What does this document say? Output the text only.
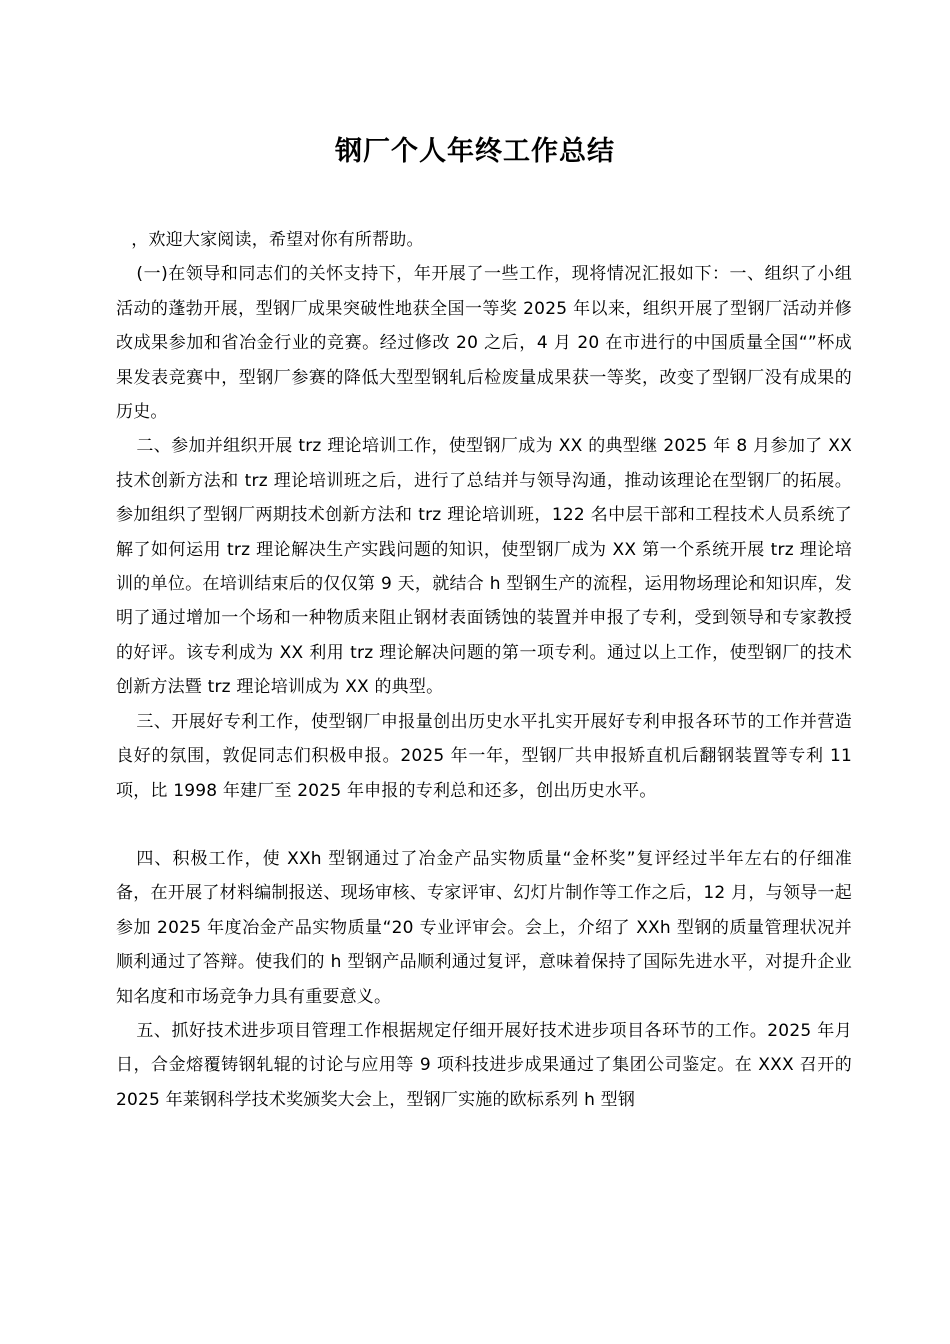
钢厂个人年终工作总结

，欢迎大家阅读，希望对你有所帮助。

(一)在领导和同志们的关怀支持下，年开展了一些工作，现将情况汇报如下：一、组织了小组活动的蓬勃开展，型钢厂成果突破性地获全国一等奖 2025 年以来，组织开展了型钢厂活动并修改成果参加和省冶金行业的竞赛。经过修改 20 之后，4 月 20 在市进行的中国质量全国“”杯成果发表竞赛中，型钢厂参赛的降低大型型钢轧后检废量成果获一等奖，改变了型钢厂没有成果的历史。

二、参加并组织开展 trz 理论培训工作，使型钢厂成为 XX 的典型继 2025 年 8 月参加了 XX 技术创新方法和 trz 理论培训班之后，进行了总结并与领导沟通，推动该理论在型钢厂的拓展。参加组织了型钢厂两期技术创新方法和 trz 理论培训班，122 名中层干部和工程技术人员系统了解了如何运用 trz 理论解决生产实践问题的知识，使型钢厂成为 XX 第一个系统开展 trz 理论培训的单位。在培训结束后的仅仅第 9 天，就结合 h 型钢生产的流程，运用物场理论和知识库，发明了通过增加一个场和一种物质来阻止钢材表面锈蚀的装置并申报了专利，受到领导和专家教授的好评。该专利成为 XX 利用 trz 理论解决问题的第一项专利。通过以上工作，使型钢厂的技术创新方法暨 trz 理论培训成为 XX 的典型。

三、开展好专利工作，使型钢厂申报量创出历史水平扎实开展好专利申报各环节的工作并营造良好的氛围，敦促同志们积极申报。2025 年一年，型钢厂共申报矫直机后翻钢装置等专利 11 项，比 1998 年建厂至 2025 年申报的专利总和还多，创出历史水平。

四、积极工作，使 XXh 型钢通过了冶金产品实物质量“金杯奖”复评经过半年左右的仔细准备，在开展了材料编制报送、现场审核、专家评审、幻灯片制作等工作之后，12 月，与领导一起参加 2025 年度冶金产品实物质量“20 专业评审会。会上，介绍了 XXh 型钢的质量管理状况并顺利通过了答辩。使我们的 h 型钢产品顺利通过复评，意味着保持了国际先进水平，对提升企业知名度和市场竞争力具有重要意义。

五、抓好技术进步项目管理工作根据规定仔细开展好技术进步项目各环节的工作。2025 年月日，合金熔覆铸钢轧辊的讨论与应用等 9 项科技进步成果通过了集团公司鉴定。在 XXX 召开的 2025 年莱钢科学技术奖颁奖大会上，型钢厂实施的欧标系列 h 型钢
